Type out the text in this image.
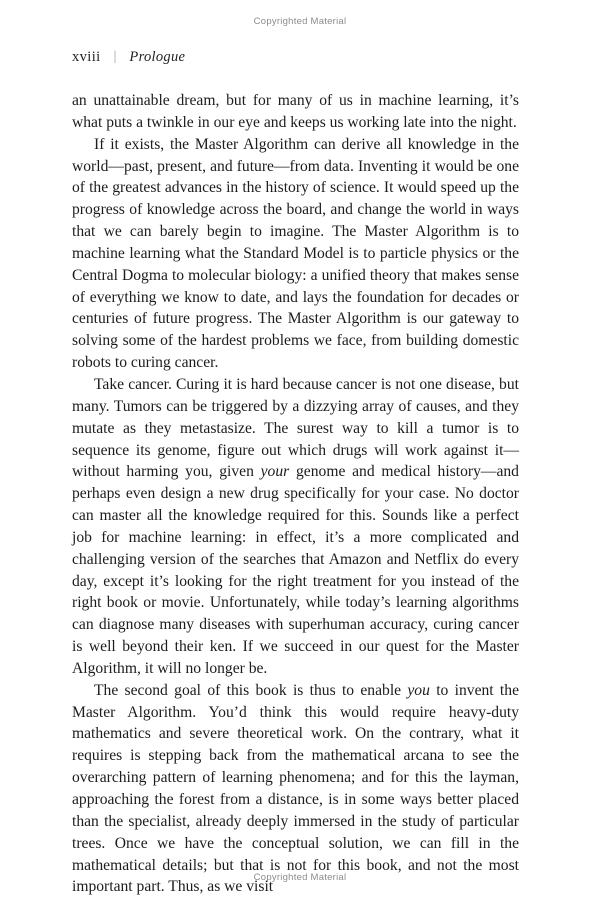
Copyrighted Material
xviii | Prologue

an unattainable dream, but for many of us in machine learning, it’s what puts a twinkle in our eye and keeps us working late into the night.

If it exists, the Master Algorithm can derive all knowledge in the world—past, present, and future—from data. Inventing it would be one of the greatest advances in the history of science. It would speed up the progress of knowledge across the board, and change the world in ways that we can barely begin to imagine. The Master Algorithm is to machine learning what the Standard Model is to particle physics or the Central Dogma to molecular biology: a unified theory that makes sense of everything we know to date, and lays the foundation for decades or centuries of future progress. The Master Algorithm is our gateway to solving some of the hardest problems we face, from building domestic robots to curing cancer.

Take cancer. Curing it is hard because cancer is not one disease, but many. Tumors can be triggered by a dizzying array of causes, and they mutate as they metastasize. The surest way to kill a tumor is to sequence its genome, figure out which drugs will work against it—without harming you, given your genome and medical history—and perhaps even design a new drug specifically for your case. No doctor can master all the knowledge required for this. Sounds like a perfect job for machine learning: in effect, it’s a more complicated and challenging version of the searches that Amazon and Netflix do every day, except it’s looking for the right treatment for you instead of the right book or movie. Unfortunately, while today’s learning algorithms can diagnose many diseases with superhuman accuracy, curing cancer is well beyond their ken. If we succeed in our quest for the Master Algorithm, it will no longer be.

The second goal of this book is thus to enable you to invent the Master Algorithm. You’d think this would require heavy-duty mathematics and severe theoretical work. On the contrary, what it requires is stepping back from the mathematical arcana to see the overarching pattern of learning phenomena; and for this the layman, approaching the forest from a distance, is in some ways better placed than the specialist, already deeply immersed in the study of particular trees. Once we have the conceptual solution, we can fill in the mathematical details; but that is not for this book, and not the most important part. Thus, as we visit

Copyrighted Material
